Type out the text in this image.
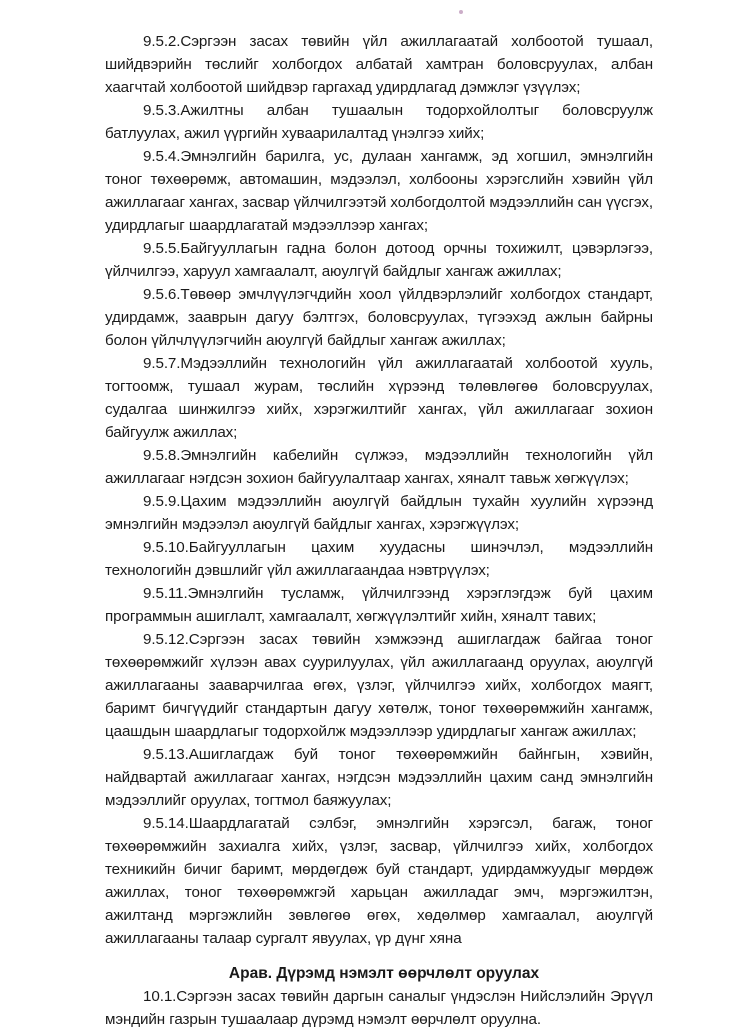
9.5.2.Сэргээн засах төвийн үйл ажиллагаатай холбоотой тушаал, шийдвэрийн төслийг холбогдох албатай хамтран боловсруулах, албан хаагчтай холбоотой шийдвэр гаргахад удирдлагад дэмжлэг үзүүлэх;

9.5.3.Ажилтны албан тушаалын тодорхойлолтыг боловсруулж батлуулах, ажил үүргийн хуваарилалтад үнэлгээ хийх;

9.5.4.Эмнэлгийн барилга, ус, дулаан хангамж, эд хогшил, эмнэлгийн тоног төхөөрөмж, автомашин, мэдээлэл, холбооны хэрэгслийн хэвийн үйл ажиллагааг хангах, засвар үйлчилгээтэй холбогдолтой мэдээллийн сан үүсгэх, удирдлагыг шаардлагатай мэдээллээр хангах;

9.5.5.Байгууллагын гадна болон дотоод орчны тохижилт, цэвэрлэгээ, үйлчилгээ, харуул хамгаалалт, аюулгүй байдлыг хангаж ажиллах;

9.5.6.Төвөөр эмчлүүлэгчдийн хоол үйлдвэрлэлийг холбогдох стандарт, удирдамж, зааврын дагуу бэлтгэх, боловсруулах, түгээхэд ажлын байрны болон үйлчлүүлэгчийн аюулгүй байдлыг хангаж ажиллах;

9.5.7.Мэдээллийн технологийн үйл ажиллагаатай холбоотой хууль, тогтоомж, тушаал журам, төслийн хүрээнд төлөвлөгөө боловсруулах, судалгаа шинжилгээ хийх, хэрэгжилтийг хангах, үйл ажиллагааг зохион байгуулж ажиллах;

9.5.8.Эмнэлгийн кабелийн сүлжээ, мэдээллийн технологийн үйл ажиллагааг нэгдсэн зохион байгуулалтаар хангах, хяналт тавьж хөгжүүлэх;

9.5.9.Цахим мэдээллийн аюулгүй байдлын тухайн хуулийн хүрээнд эмнэлгийн мэдээлэл аюулгүй байдлыг хангах, хэрэгжүүлэх;

9.5.10.Байгууллагын цахим хуудасны шинэчлэл, мэдээллийн технологийн дэвшлийг үйл ажиллагаандаа нэвтрүүлэх;

9.5.11.Эмнэлгийн тусламж, үйлчилгээнд хэрэглэгдэж буй цахим программын ашиглалт, хамгаалалт, хөгжүүлэлтийг хийн, хяналт тавих;

9.5.12.Сэргээн засах төвийн хэмжээнд ашиглагдаж байгаа тоног төхөөрөмжийг хүлээн авах суурилуулах, үйл ажиллагаанд оруулах, аюулгүй ажиллагааны зааварчилгаа өгөх, үзлэг, үйлчилгээ хийх, холбогдох маягт, баримт бичгүүдийг стандартын дагуу хөтөлж, тоног төхөөрөмжийн хангамж, цаашдын шаардлагыг тодорхойлж мэдээллээр удирдлагыг хангаж ажиллах;

9.5.13.Ашиглагдаж буй тоног төхөөрөмжийн байнгын, хэвийн, найдвартай ажиллагааг хангах, нэгдсэн мэдээллийн цахим санд эмнэлгийн мэдээллийг оруулах, тогтмол баяжуулах;

9.5.14.Шаардлагатай сэлбэг, эмнэлгийн хэрэгсэл, багаж, тоног төхөөрөмжийн захиалга хийх, үзлэг, засвар, үйлчилгээ хийх, холбогдох техникийн бичиг баримт, мөрдөгдөж буй стандарт, удирдамжуудыг мөрдөж ажиллах, тоног төхөөрөмжгэй харьцан ажилладаг эмч, мэргэжилтэн, ажилтанд мэргэжлийн зөвлөгөө өгөх, хөдөлмөр хамгаалал, аюулгүй ажиллагааны талаар сургалт явуулах, үр дүнг хяна

Арав. Дүрэмд нэмэлт өөрчлөлт оруулах

10.1.Сэргээн засах төвийн даргын саналыг үндэслэн Нийслэлийн Эрүүл мэндийн газрын тушаалаар дүрэмд нэмэлт өөрчлөлт оруулна.
